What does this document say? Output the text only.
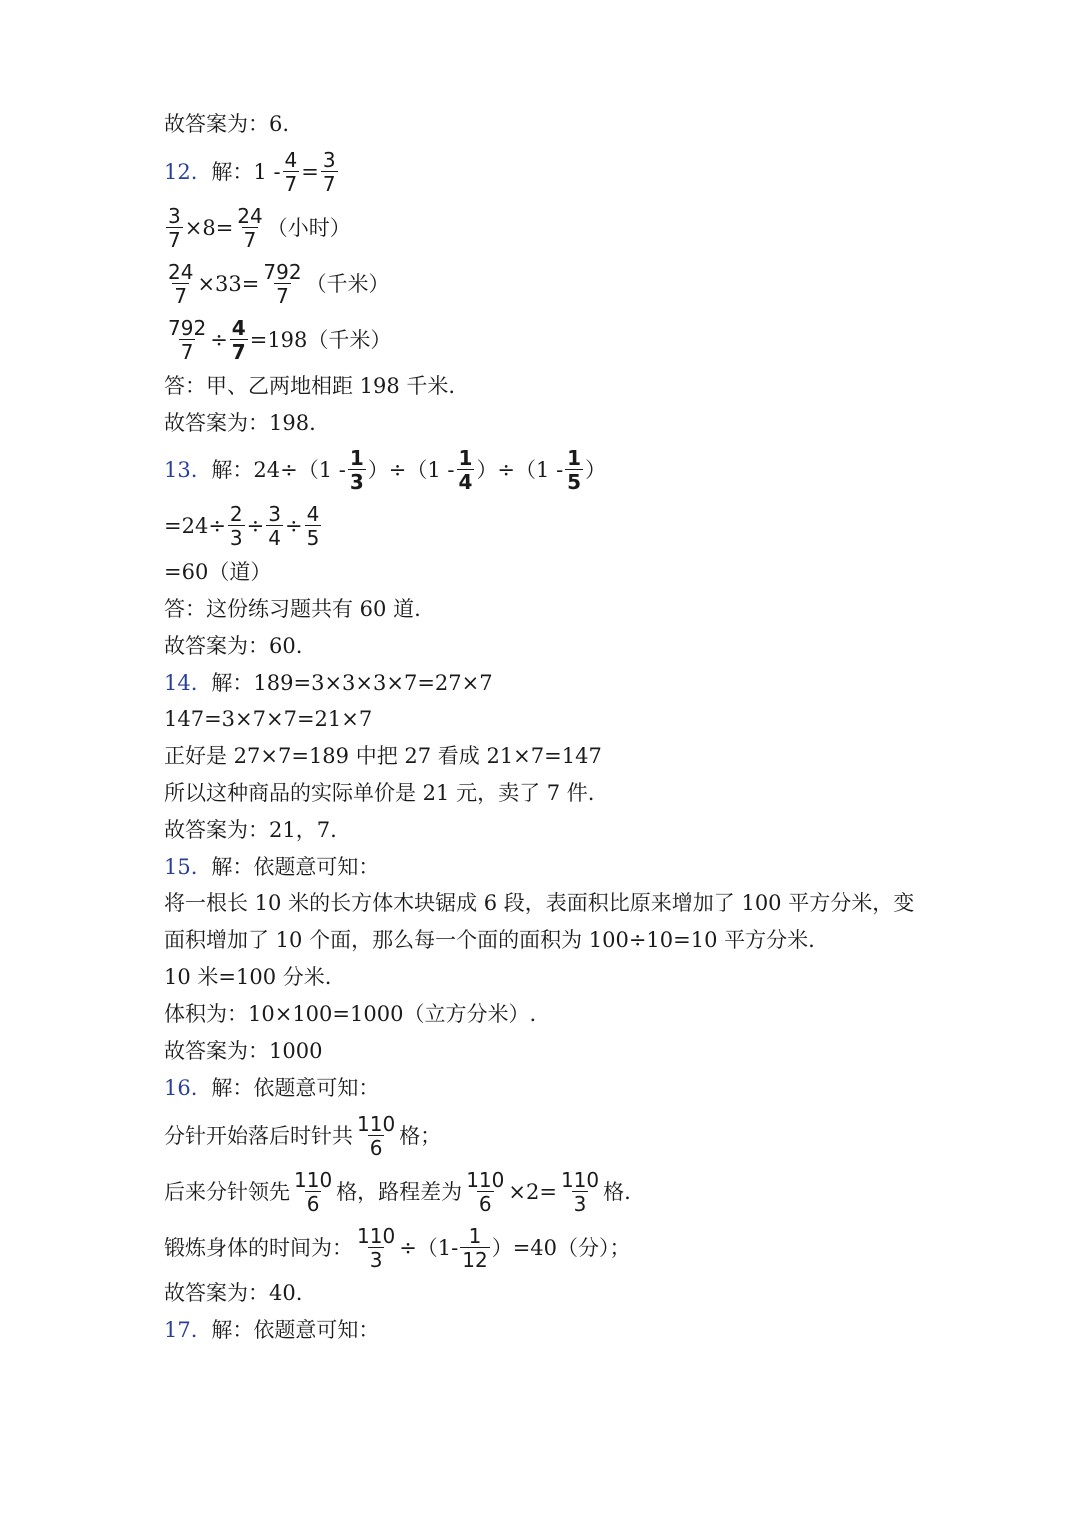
故答案为：6.
12. 解：$1 - \frac{4}{7} = \frac{3}{7}$
$\frac{3}{7} \times 8= \frac{24}{7}$ （小时）
$\frac{24}{7} \times 33= \frac{792}{7}$ （千米）
$\frac{792}{7} \div \frac{4}{7} =198$（千米）
答：甲、乙两地相距 198 千米.
故答案为：198.
13. 解：$24\div(1 - \frac{1}{3} )\div(1 - \frac{1}{4} )\div(1 - \frac{1}{5}$ ）
$=24\div \frac{2}{3} \div \frac{3}{4} \div \frac{4}{5}$
=60（道）
答：这份练习题共有 60 道.
故答案为：60.
14. 解：189=3×3×3×7=27×7
147=3×7×7=21×7
正好是 27×7=189 中把 27 看成 21×7=147
所以这种商品的实际单价是 21 元，卖了 7 件.
故答案为：21，7.
15. 解：依题意可知：
将一根长 10 米的长方体木块锯成 6 段，表面积比原来增加了 100 平方分米，变
面积增加了 10 个面，那么每一个面的面积为 100÷10=10 平方分米.
10 米=100 分米.
体积为：10×100=1000（立方分米）.
故答案为：1000
16. 解：依题意可知：
分针开始落后时针共 $\frac{110}{6}$ 格；
后来分针领先 $\frac{110}{6}$ 格，路程差为 $\frac{110}{6} \times 2= \frac{110}{3}$ 格.
锻炼身体的时间为： $\frac{110}{3} \div(1- \frac{1}{12} )=40$（分）；
故答案为：40.
17. 解：依题意可知：
